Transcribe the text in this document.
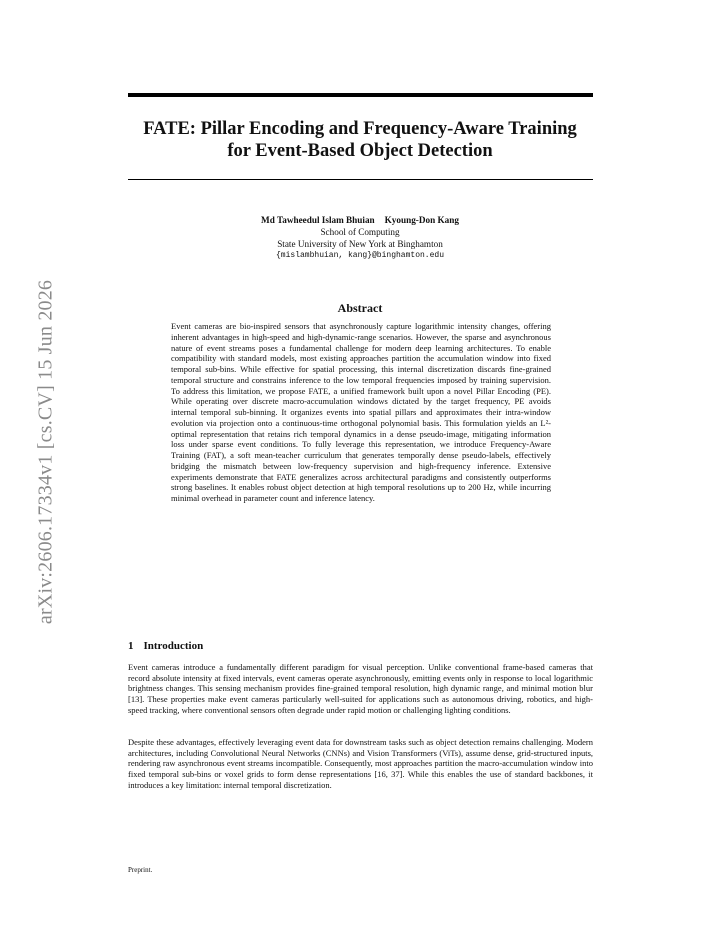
FATE: Pillar Encoding and Frequency-Aware Training
for Event-Based Object Detection
arXiv:2606.17334v1 [cs.CV] 15 Jun 2026
Md Tawheedul Islam Bhuian Kyoung-Don Kang
School of Computing
State University of New York at Binghamton
{mislambhuian, kang}@binghamton.edu
Abstract

Event cameras are bio-inspired sensors that asynchronously capture logarithmic intensity changes, offering inherent advantages in high-speed and high-dynamic-range scenarios. However, the sparse and asynchronous nature of event streams poses a fundamental challenge for modern deep learning architectures. To enable compatibility with standard models, most existing approaches partition the accumulation window into fixed temporal sub-bins. While effective for spatial processing, this internal discretization discards fine-grained temporal structure and constrains inference to the low temporal frequencies imposed by training supervision. To address this limitation, we propose FATE, a unified framework built upon a novel Pillar Encoding (PE). While operating over discrete macro-accumulation windows dictated by the target frequency, PE avoids internal temporal sub-binning. It organizes events into spatial pillars and approximates their intra-window evolution via projection onto a continuous-time orthogonal polynomial basis. This formulation yields an L²-optimal representation that retains rich temporal dynamics in a dense pseudo-image, mitigating information loss under sparse event conditions. To fully leverage this representation, we introduce Frequency-Aware Training (FAT), a soft mean-teacher curriculum that generates temporally dense pseudo-labels, effectively bridging the mismatch between low-frequency supervision and high-frequency inference. Extensive experiments demonstrate that FATE generalizes across architectural paradigms and consistently outperforms strong baselines. It enables robust object detection at high temporal resolutions up to 200 Hz, while incurring minimal overhead in parameter count and inference latency.

1 Introduction

Event cameras introduce a fundamentally different paradigm for visual perception. Unlike conventional frame-based cameras that record absolute intensity at fixed intervals, event cameras operate asynchronously, emitting events only in response to local logarithmic brightness changes. This sensing mechanism provides fine-grained temporal resolution, high dynamic range, and minimal motion blur [13]. These properties make event cameras particularly well-suited for applications such as autonomous driving, robotics, and high-speed tracking, where conventional sensors often degrade under rapid motion or challenging lighting conditions.

Despite these advantages, effectively leveraging event data for downstream tasks such as object detection remains challenging. Modern architectures, including Convolutional Neural Networks (CNNs) and Vision Transformers (ViTs), assume dense, grid-structured inputs, rendering raw asynchronous event streams incompatible. Consequently, most approaches partition the macro-accumulation window into fixed temporal sub-bins or voxel grids to form dense representations [16, 37]. While this enables the use of standard backbones, it introduces a key limitation: internal temporal discretization.

Preprint.
